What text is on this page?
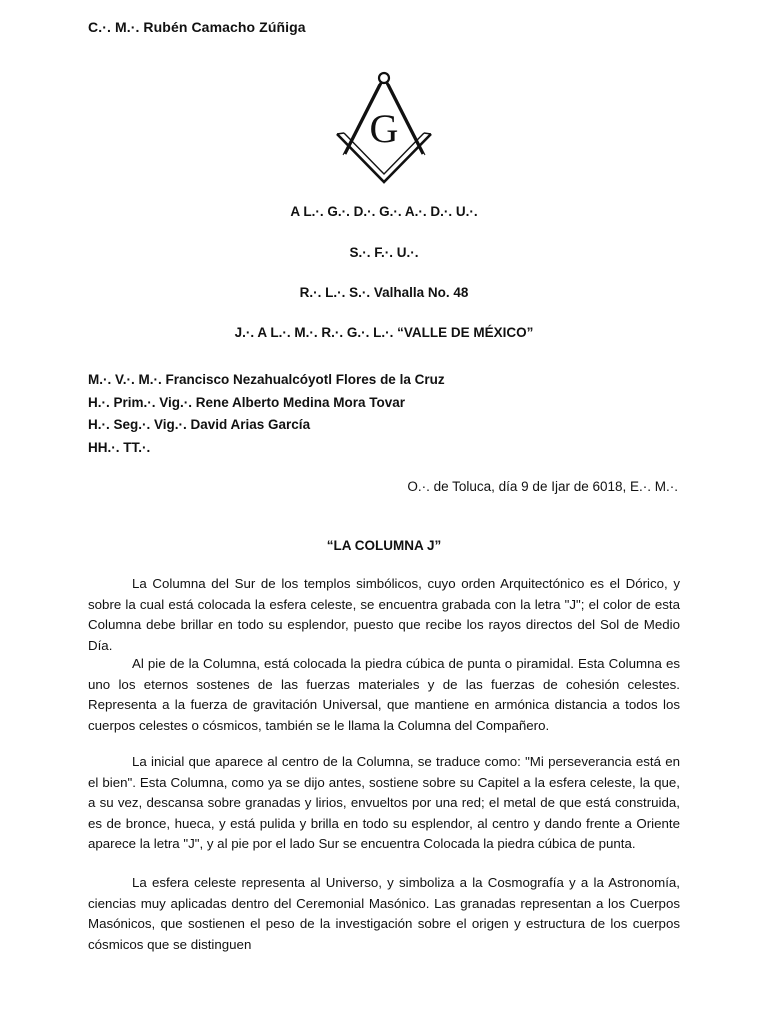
C.·. M.·. Rubén Camacho Zúñiga
G
A L.·. G.·. D.·. G.·. A.·. D.·. U.·.
S.·. F.·. U.·.
R.·. L.·. S.·. Valhalla No. 48
J.·. A L.·. M.·. R.·. G.·. L.·. “VALLE DE MÉXICO”
M.·. V.·. M.·. Francisco Nezahualcóyotl Flores de la Cruz
H.·. Prim.·. Vig.·. Rene Alberto Medina Mora Tovar
H.·. Seg.·. Vig.·. David Arias García
HH.·. TT.·.
O.·. de Toluca, día 9 de Ijar de 6018, E.·. M.·.
“LA COLUMNA J”

La Columna del Sur de los templos simbólicos, cuyo orden Arquitectónico es el Dórico, y sobre la cual está colocada la esfera celeste, se encuentra grabada con la letra "J"; el color de esta Columna debe brillar en todo su esplendor, puesto que recibe los rayos directos del Sol de Medio Día.

Al pie de la Columna, está colocada la piedra cúbica de punta o piramidal. Esta Columna es uno los eternos sostenes de las fuerzas materiales y de las fuerzas de cohesión celestes. Representa a la fuerza de gravitación Universal, que mantiene en armónica distancia a todos los cuerpos celestes o cósmicos, también se le llama la Columna del Compañero.

La inicial que aparece al centro de la Columna, se traduce como: "Mi perseverancia está en el bien". Esta Columna, como ya se dijo antes, sostiene sobre su Capitel a la esfera celeste, la que, a su vez, descansa sobre granadas y lirios, envueltos por una red; el metal de que está construida, es de bronce, hueca, y está pulida y brilla en todo su esplendor, al centro y dando frente a Oriente aparece la letra "J", y al pie por el lado Sur se encuentra Colocada la piedra cúbica de punta.

La esfera celeste representa al Universo, y simboliza a la Cosmografía y a la Astronomía, ciencias muy aplicadas dentro del Ceremonial Masónico. Las granadas representan a los Cuerpos Masónicos, que sostienen el peso de la investigación sobre el origen y estructura de los cuerpos cósmicos que se distinguen
